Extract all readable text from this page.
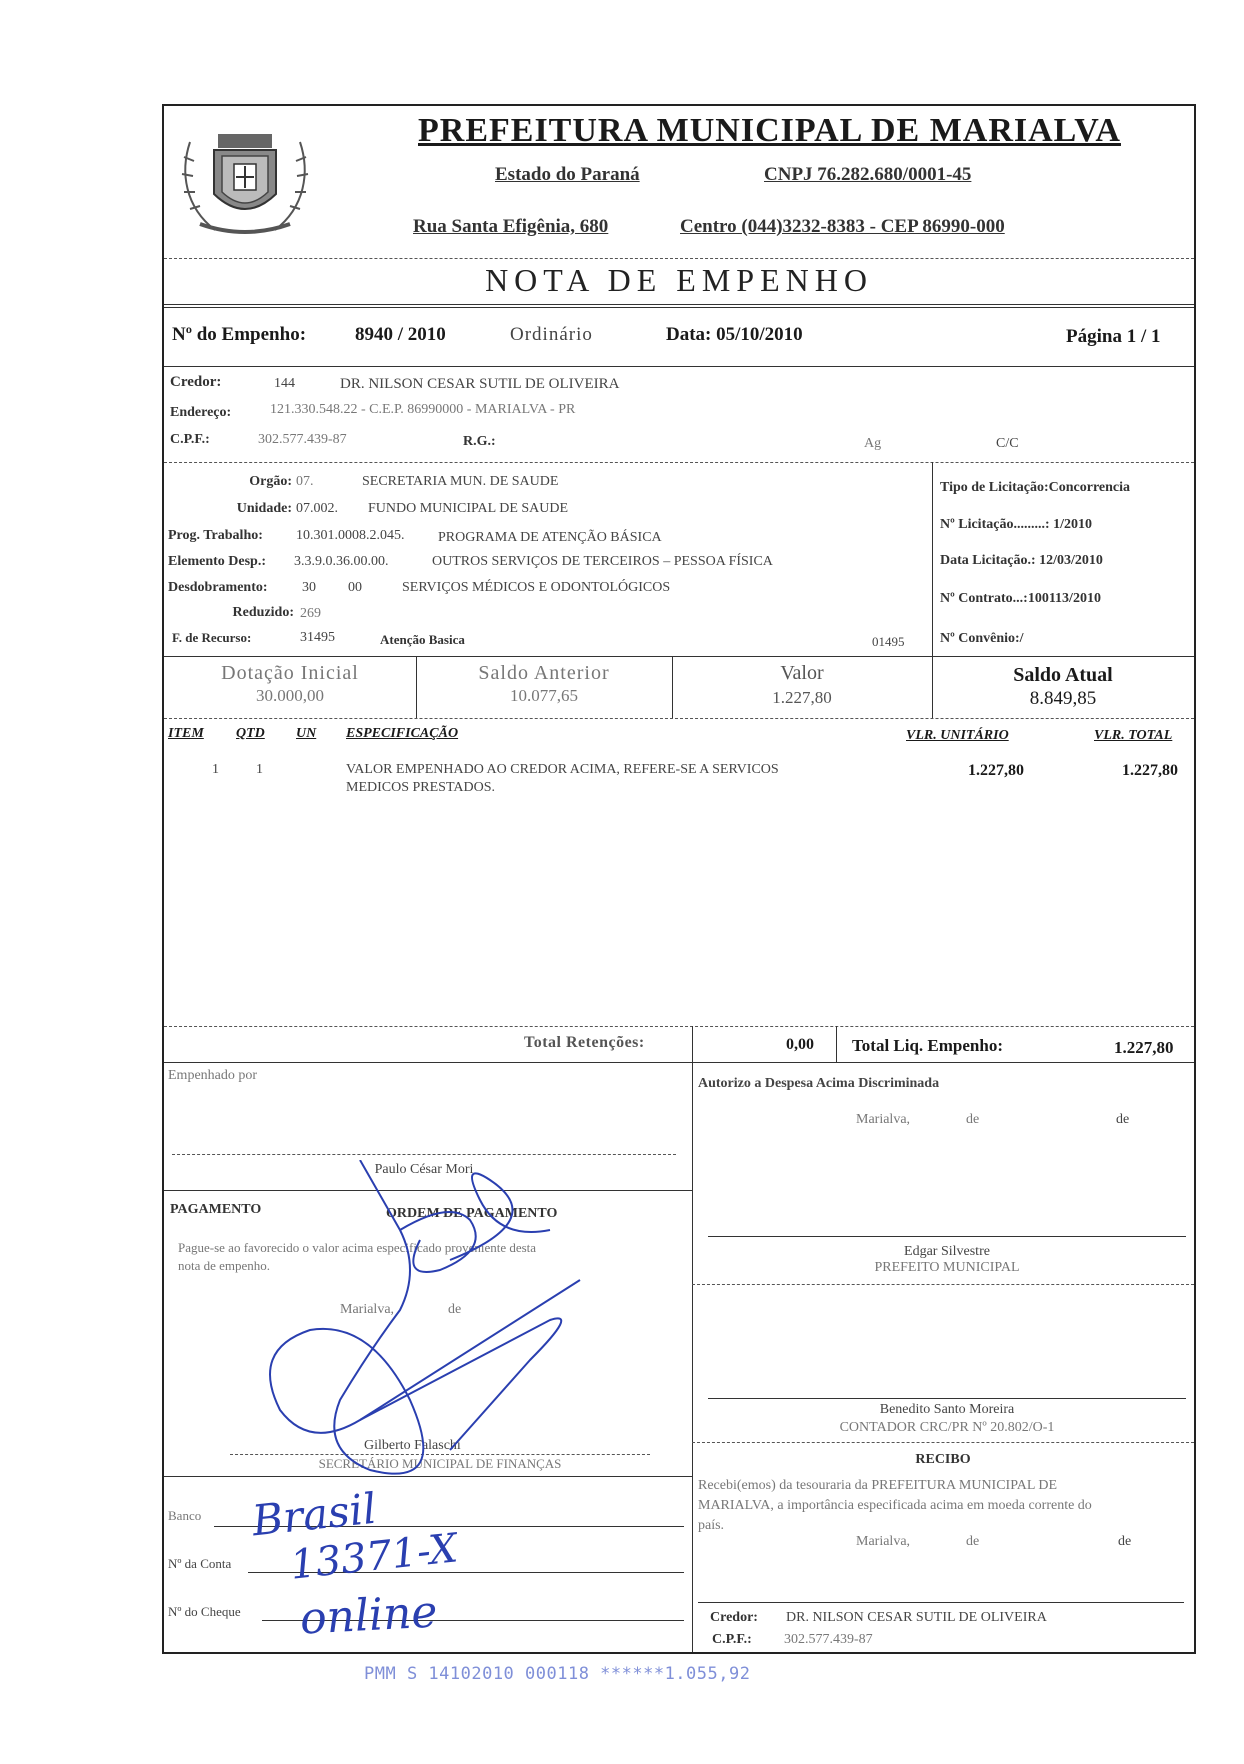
PREFEITURA MUNICIPAL DE MARIALVA
Estado do Paraná	CNPJ 76.282.680/0001-45
Rua Santa Efigênia, 680	Centro (044)3232-8383 - CEP 86990-000
NOTA DE EMPENHO
Nº do Empenho:	8940 / 2010	Ordinário	Data: 05/10/2010	Página 1 / 1
Credor:	144	DR. NILSON CESAR SUTIL DE OLIVEIRA
Endereço:	121.330.548.22 - C.E.P. 86990000 - MARIALVA - PR
C.P.F.:	302.577.439-87	R.G.:	Ag	C/C
Orgão: 07.	SECRETARIA MUN. DE SAUDE
Unidade: 07.002. FUNDO MUNICIPAL DE SAUDE
Prog. Trabalho: 10.301.0008.2.045. PROGRAMA DE ATENÇÃO BÁSICA
Elemento Desp.: 3.3.9.0.36.00.00.	OUTROS SERVIÇOS DE TERCEIROS – PESSOA FÍSICA
Desdobramento: 30 00	SERVIÇOS MÉDICOS E ODONTOLÓGICOS
Reduzido: 269
F. de Recurso:	31495	Atenção Basica	01495
Tipo de Licitação:Concorrencia
Nº Licitação.........: 1/2010
Data Licitação.: 12/03/2010
Nº Contrato...:100113/2010
Nº Convênio:/
Dotação Inicial
30.000,00
Saldo Anterior
10.077,65
Valor
1.227,80
Saldo Atual
8.849,85
ITEM QTD UN ESPECIFICAÇÃO	VLR. UNITÁRIO	VLR. TOTAL
1	1	VALOR EMPENHADO AO CREDOR ACIMA, REFERE-SE A SERVICOS
MEDICOS PRESTADOS.
1.227,80	1.227,80
Total Retenções:	0,00 Total Liq. Empenho:	1.227,80
Empenhado por
Paulo César Mori
PAGAMENTO	ORDEM DE PAGAMENTO
Pague-se ao favorecido o valor acima especificado proveniente desta
nota de empenho.
Marialva,	de
Gilberto Falaschi
SECRETÁRIO MUNICIPAL DE FINANÇAS
Banco
Nº da Conta
Nº do Cheque
Autorizo a Despesa Acima Discriminada
Marialva,	de	de
Edgar Silvestre
PREFEITO MUNICIPAL
Benedito Santo Moreira
CONTADOR CRC/PR Nº 20.802/O-1
RECIBO
Recebi(emos) da tesouraria da PREFEITURA MUNICIPAL DE
MARIALVA, a importância especificada acima em moeda corrente do
país.
Marialva,	de	de
Credor: DR. NILSON CESAR SUTIL DE OLIVEIRA
C.P.F.: 302.577.439-87
Brasil
13371-X
online
PMM S 14102010 000118 ******1.055,92
